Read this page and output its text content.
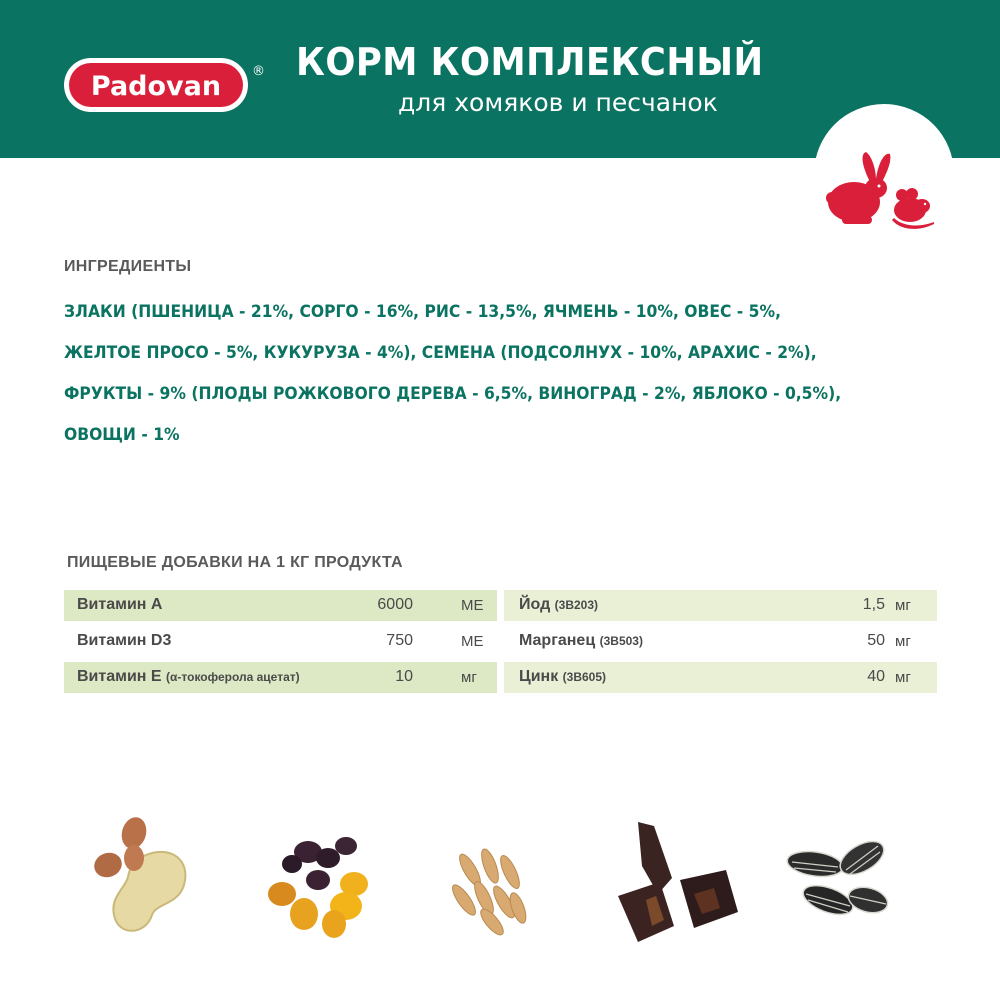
Padovan ® КОРМ КОМПЛЕКСНЫЙ
для хомяков и песчанок
ИНГРЕДИЕНТЫ
ЗЛАКИ (ПШЕНИЦА - 21%, СОРГО - 16%, РИС - 13,5%, ЯЧМЕНЬ - 10%, ОВЕС - 5%,
ЖЕЛТОЕ ПРОСО - 5%, КУКУРУЗА - 4%), СЕМЕНА (ПОДСОЛНУХ - 10%, АРАХИС - 2%),
ФРУКТЫ - 9% (ПЛОДЫ РОЖКОВОГО ДЕРЕВА - 6,5%, ВИНОГРАД - 2%, ЯБЛОКО - 0,5%),
ОВОЩИ - 1%
ПИЩЕВЫЕ ДОБАВКИ НА 1 КГ ПРОДУКТА
Витамин А	6000	МЕ Йод (3B203)	1,5 мг
Витамин D3	750	МЕ Марганец (3B503)	50 мг
Витамин Е (α-токоферола ацетат)	10	мг	Цинк (3B605)	40 мг
